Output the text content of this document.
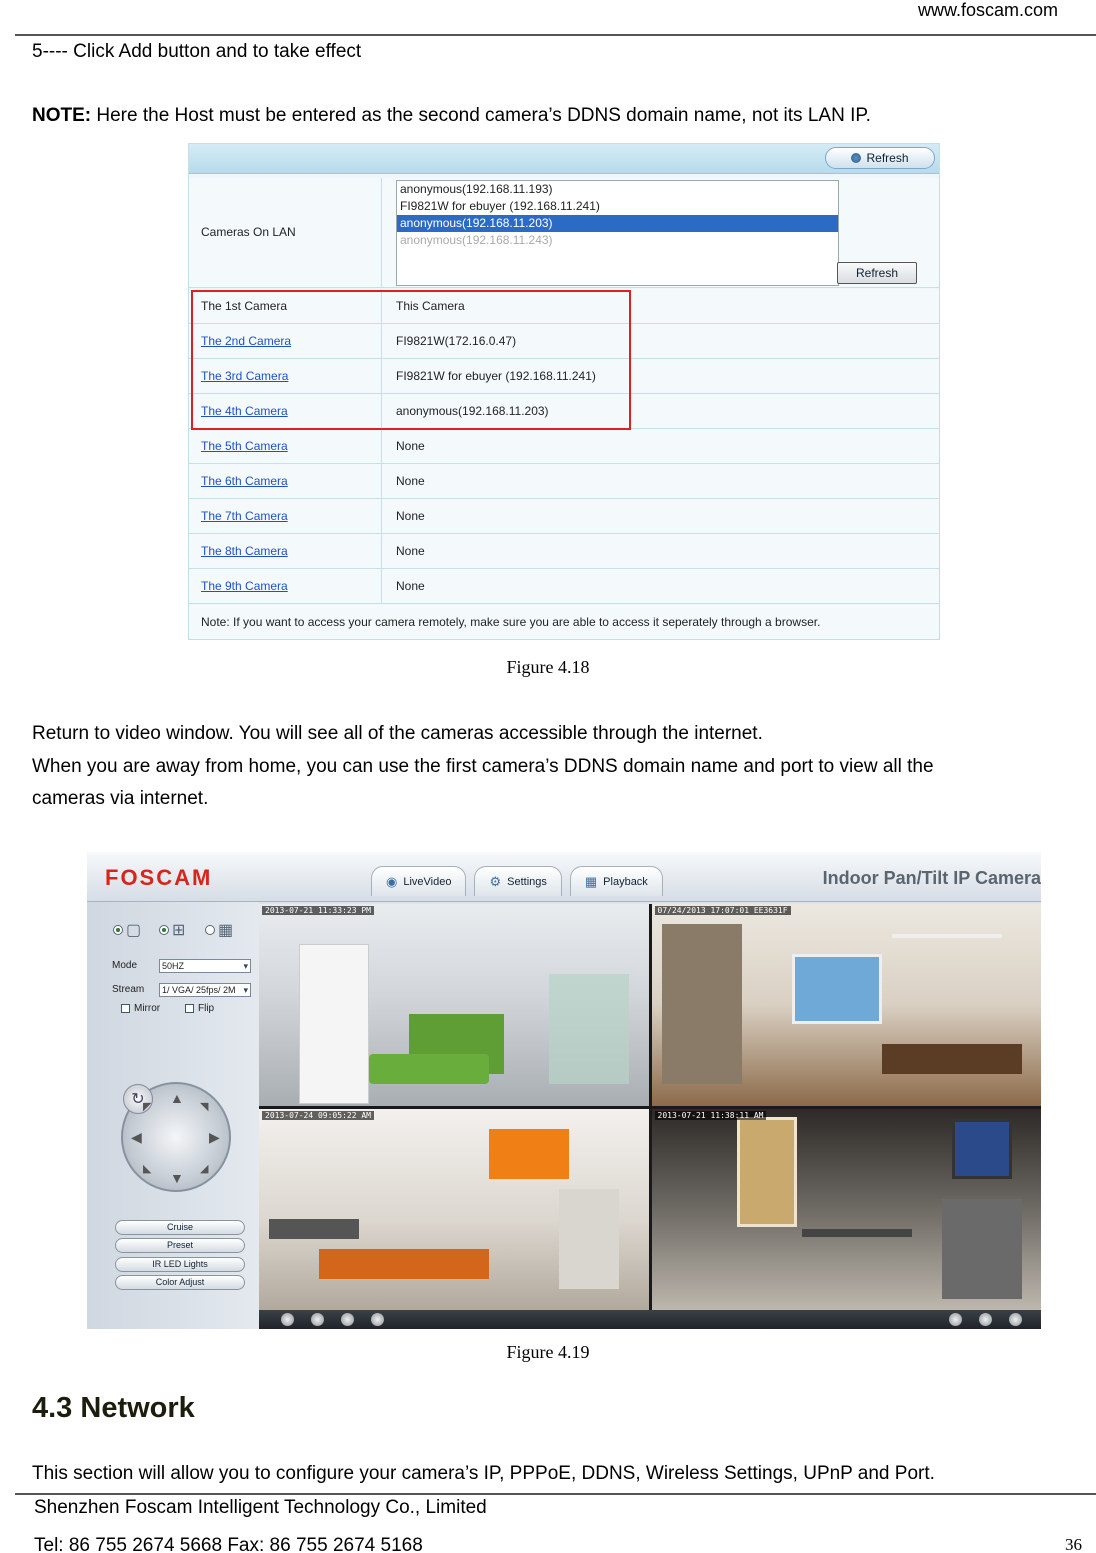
www.foscam.com
5---- Click Add button and to take effect
NOTE: Here the Host must be entered as the second camera’s DDNS domain name, not its LAN IP.
Refresh
Cameras On LAN
anonymous(192.168.11.193)
FI9821W for ebuyer (192.168.11.241)
anonymous(192.168.11.203)
anonymous(192.168.11.243)
Refresh
The 1st Camera	This Camera
The 2nd Camera	FI9821W(172.16.0.47)
The 3rd Camera	FI9821W for ebuyer (192.168.11.241)
The 4th Camera	anonymous(192.168.11.203)
The 5th Camera	None
The 6th Camera	None
The 7th Camera	None
The 8th Camera	None
The 9th Camera	None
Note: If you want to access your camera remotely, make sure you are able to access it seperately through a browser.
Figure 4.18
Return to video window. You will see all of the cameras accessible through the internet.
When you are away from home, you can use the first camera’s DDNS domain name and port to view all the
cameras via internet.
FOSCAM	◉ LiveVideo	⚙ Settings	▦ Playback	Indoor Pan/Tilt IP Camera
▢ ⊞ ▦
Mode	50HZ ▾
Stream	1/ VGA/ 25fps/ 2M ▾
Mirror	Flip
▲
▼
◀	▶
◤	◥
◣	◢
↻
Cruise
Preset
IR LED Lights
Color Adjust
2013-07-21 11:33:23 PM	07/24/2013 17:07:01 EE3631F
2013-07-24 09:05:22 AM	2013-07-21 11:38:11 AM
Figure 4.19
4.3 Network
This section will allow you to configure your camera’s IP, PPPoE, DDNS, Wireless Settings, UPnP and Port.
Shenzhen Foscam Intelligent Technology Co., Limited
Tel: 86 755 2674 5668 Fax: 86 755 2674 5168	36
